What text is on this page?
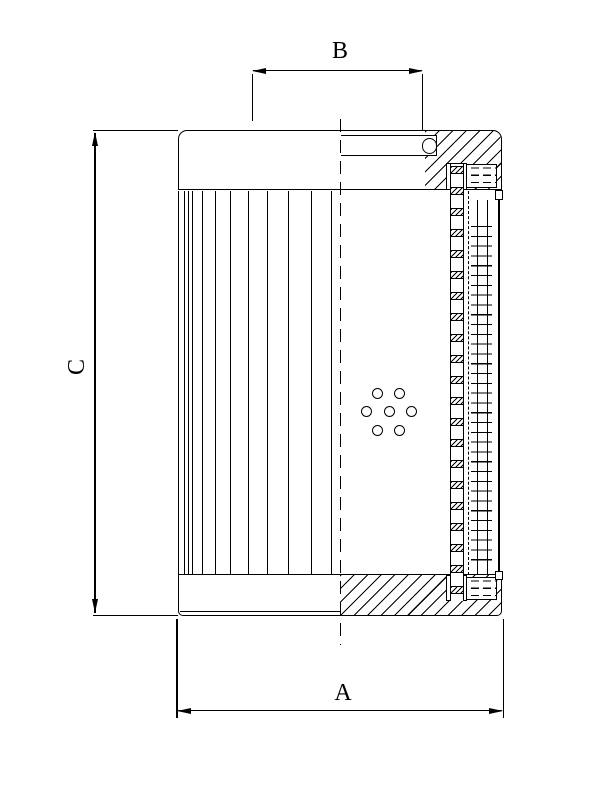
B
C
A
